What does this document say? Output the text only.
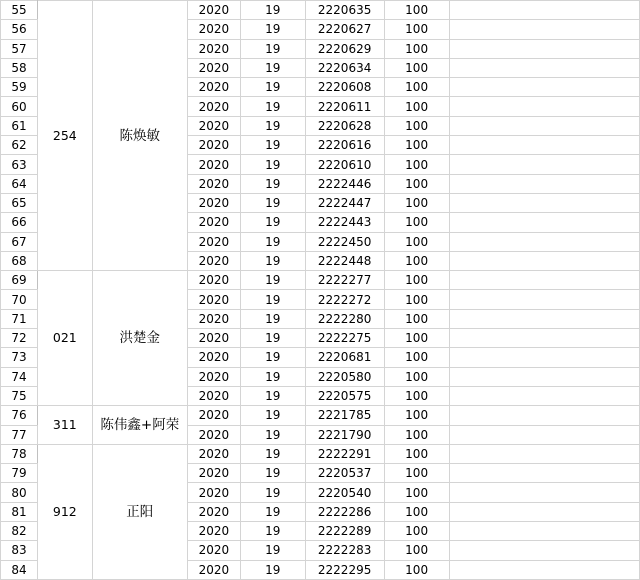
55	254	陈焕敏	2020	19	2220635	100	
56			2020	19	2220627	100	
57			2020	19	2220629	100	
58			2020	19	2220634	100	
59			2020	19	2220608	100	
60			2020	19	2220611	100	
61			2020	19	2220628	100	
62			2020	19	2220616	100	
63			2020	19	2220610	100	
64			2020	19	2222446	100	
65			2020	19	2222447	100	
66			2020	19	2222443	100	
67			2020	19	2222450	100	
68			2020	19	2222448	100	
69	021	洪楚金	2020	19	2222277	100	
70			2020	19	2222272	100	
71			2020	19	2222280	100	
72			2020	19	2222275	100	
73			2020	19	2220681	100	
74			2020	19	2220580	100	
75			2020	19	2220575	100	
76	311	陈伟鑫+阿荣	2020	19	2221785	100	
77			2020	19	2221790	100	
78	912	正阳	2020	19	2222291	100	
79			2020	19	2220537	100	
80			2020	19	2220540	100	
81			2020	19	2222286	100	
82			2020	19	2222289	100	
83			2020	19	2222283	100	
84			2020	19	2222295	100	
